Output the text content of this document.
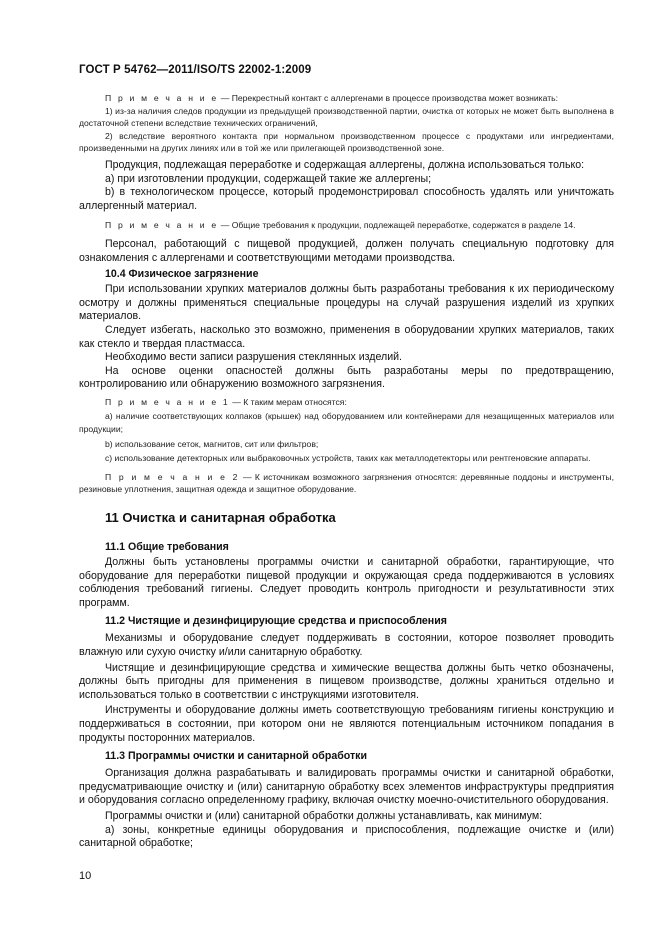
ГОСТ Р 54762—2011/ISO/TS 22002-1:2009

П р и м е ч а н и е — Перекрестный контакт с аллергенами в процессе производства может возникать:

1) из-за наличия следов продукции из предыдущей производственной партии, очистка от которых не может быть выполнена в достаточной степени вследствие технических ограничений,

2) вследствие вероятного контакта при нормальном производственном процессе с продуктами или ингредиентами, произведенными на других линиях или в той же или прилегающей производственной зоне.

Продукция, подлежащая переработке и содержащая аллергены, должна использоваться только:

а) при изготовлении продукции, содержащей такие же аллергены;

b) в технологическом процессе, который продемонстрировал способность удалять или уничтожать аллергенный материал.

П р и м е ч а н и е — Общие требования к продукции, подлежащей переработке, содержатся в разделе 14.

Персонал, работающий с пищевой продукцией, должен получать специальную подготовку для ознакомления с аллергенами и соответствующими методами производства.

10.4 Физическое загрязнение

При использовании хрупких материалов должны быть разработаны требования к их периодическому осмотру и должны применяться специальные процедуры на случай разрушения изделий из хрупких материалов.

Следует избегать, насколько это возможно, применения в оборудовании хрупких материалов, таких как стекло и твердая пластмасса.

Необходимо вести записи разрушения стеклянных изделий.

На основе оценки опасностей должны быть разработаны меры по предотвращению, контролированию или обнаружению возможного загрязнения.

П р и м е ч а н и е 1 — К таким мерам относятся:

а) наличие соответствующих колпаков (крышек) над оборудованием или контейнерами для незащищенных материалов или продукции;

b) использование сеток, магнитов, сит или фильтров;

с) использование детекторных или выбраковочных устройств, таких как металлодетекторы или рентгеновские аппараты.

П р и м е ч а н и е 2 — К источникам возможного загрязнения относятся: деревянные поддоны и инструменты, резиновые уплотнения, защитная одежда и защитное оборудование.

11 Очистка и санитарная обработка
11.1 Общие требования

Должны быть установлены программы очистки и санитарной обработки, гарантирующие, что оборудование для переработки пищевой продукции и окружающая среда поддерживаются в условиях соблюдения требований гигиены. Следует проводить контроль пригодности и результативности этих программ.

11.2 Чистящие и дезинфицирующие средства и приспособления

Механизмы и оборудование следует поддерживать в состоянии, которое позволяет проводить влажную или сухую очистку и/или санитарную обработку.

Чистящие и дезинфицирующие средства и химические вещества должны быть четко обозначены, должны быть пригодны для применения в пищевом производстве, должны храниться отдельно и использоваться только в соответствии с инструкциями изготовителя.

Инструменты и оборудование должны иметь соответствующую требованиям гигиены конструкцию и поддерживаться в состоянии, при котором они не являются потенциальным источником попадания в продукты посторонних материалов.

11.3 Программы очистки и санитарной обработки

Организация должна разрабатывать и валидировать программы очистки и санитарной обработки, предусматривающие очистку и (или) санитарную обработку всех элементов инфраструктуры предприятия и оборудования согласно определенному графику, включая очистку моечно-очистительного оборудования.

Программы очистки и (или) санитарной обработки должны устанавливать, как минимум:

а) зоны, конкретные единицы оборудования и приспособления, подлежащие очистке и (или) санитарной обработке;

10
